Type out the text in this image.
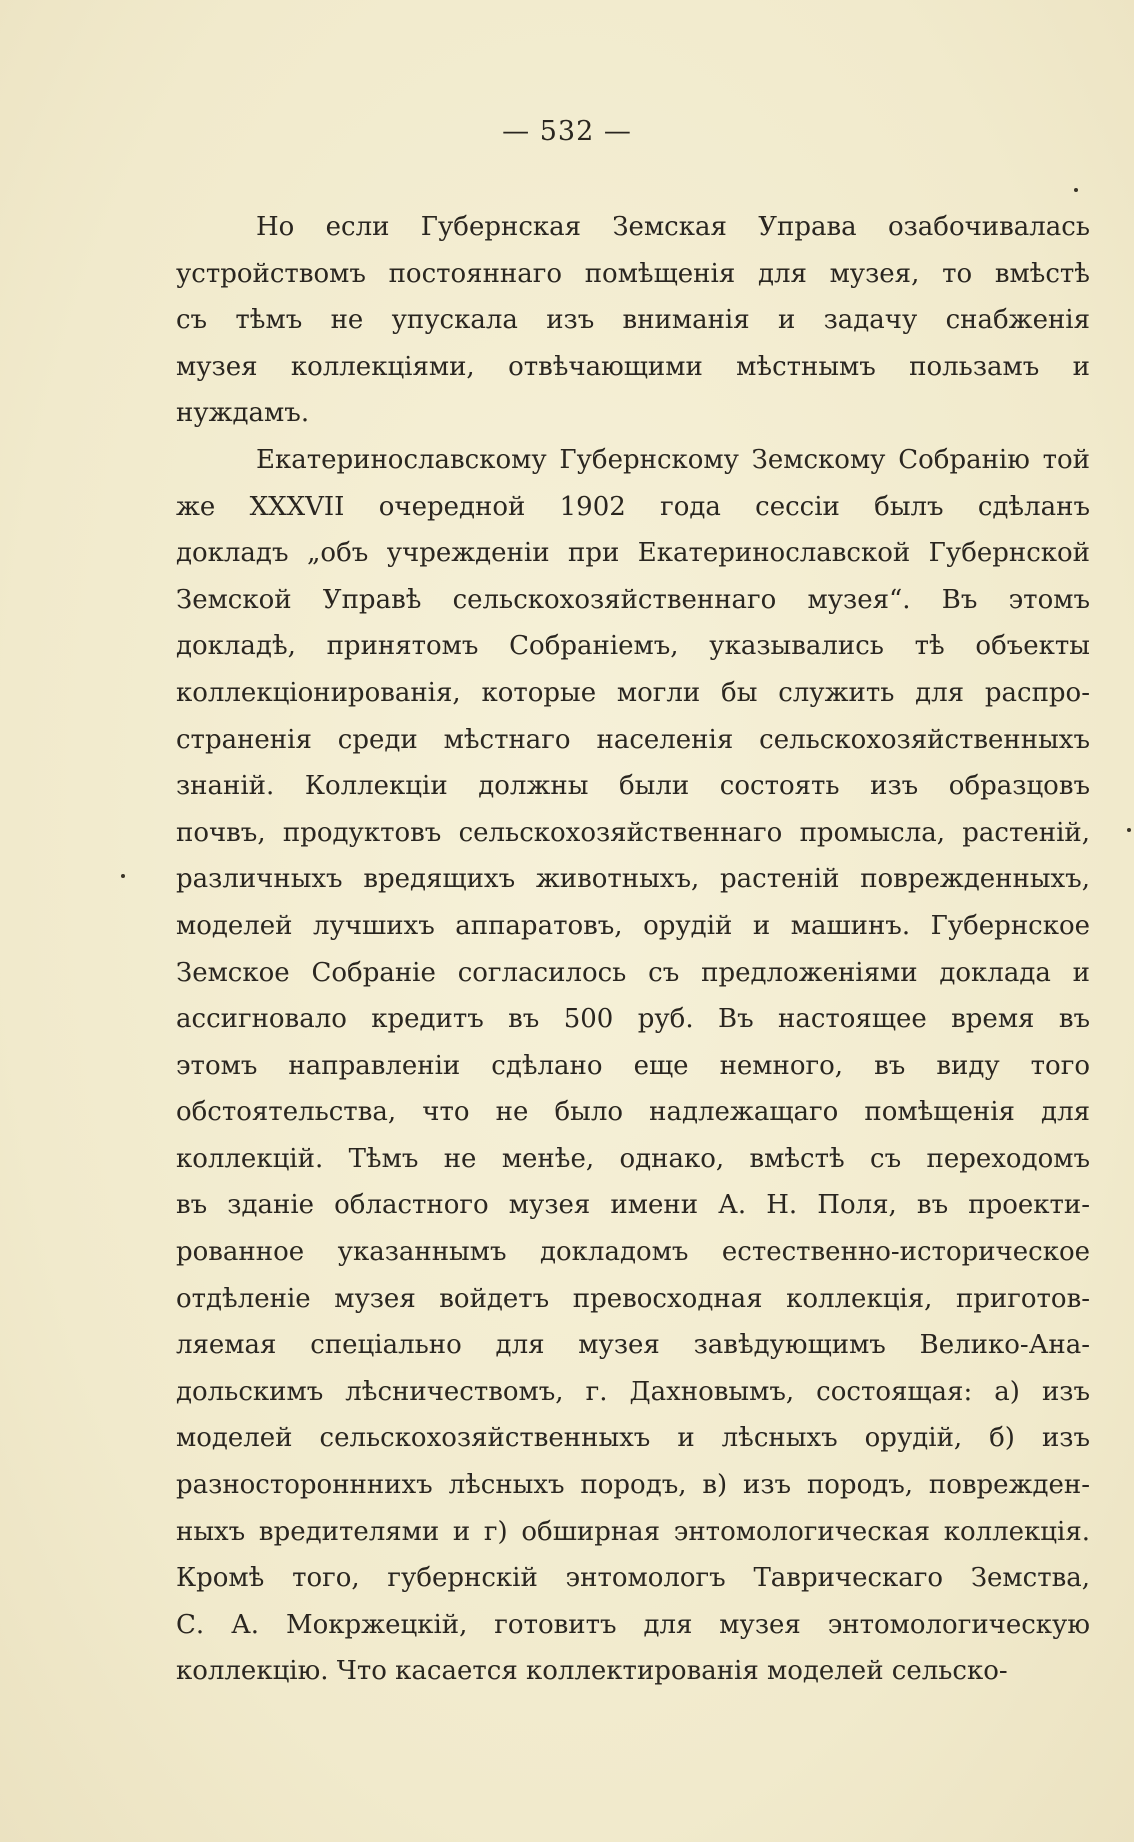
— 532 —
Но если Губернская Земская Управа озабочивалась
устройствомъ постояннаго помѣщенія для музея, то вмѣстѣ
съ тѣмъ не упускала изъ вниманія и задачу снабженія
музея коллекціями, отвѣчающими мѣстнымъ пользамъ и
нуждамъ.
Екатеринославскому Губернскому Земскому Собранію той
же XXXVII очередной 1902 года сессіи былъ сдѣланъ
докладъ „объ учрежденіи при Екатеринославской Губернской
Земской Управѣ сельскохозяйственнаго музея“. Въ этомъ
докладѣ, принятомъ Собраніемъ, указывались тѣ объекты
коллекціонированія, которые могли бы служить для распро-
страненія среди мѣстнаго населенія сельскохозяйственныхъ
знаній. Коллекціи должны были состоять изъ образцовъ
почвъ, продуктовъ сельскохозяйственнаго промысла, растеній,
различныхъ вредящихъ животныхъ, растеній поврежденныхъ,
моделей лучшихъ аппаратовъ, орудій и машинъ. Губернское
Земское Собраніе согласилось съ предложеніями доклада и
ассигновало кредитъ въ 500 руб. Въ настоящее время въ
этомъ направленіи сдѣлано еще немного, въ виду того
обстоятельства, что не было надлежащаго помѣщенія для
коллекцій. Тѣмъ не менѣе, однако, вмѣстѣ съ переходомъ
въ зданіе областного музея имени А. Н. Поля, въ проекти-
рованное указаннымъ докладомъ естественно-историческое
отдѣленіе музея войдетъ превосходная коллекція, приготов-
ляемая спеціально для музея завѣдующимъ Велико-Ана-
дольскимъ лѣсничествомъ, г. Дахновымъ, состоящая: а) изъ
моделей сельскохозяйственныхъ и лѣсныхъ орудій, б) изъ
разносторонннихъ лѣсныхъ породъ, в) изъ породъ, поврежден-
ныхъ вредителями и г) обширная энтомологическая коллекція.
Кромѣ того, губернскій энтомологъ Таврическаго Земства,
С. А. Мокржецкій, готовитъ для музея энтомологическую
коллекцію. Что касается коллектированія моделей сельско-
